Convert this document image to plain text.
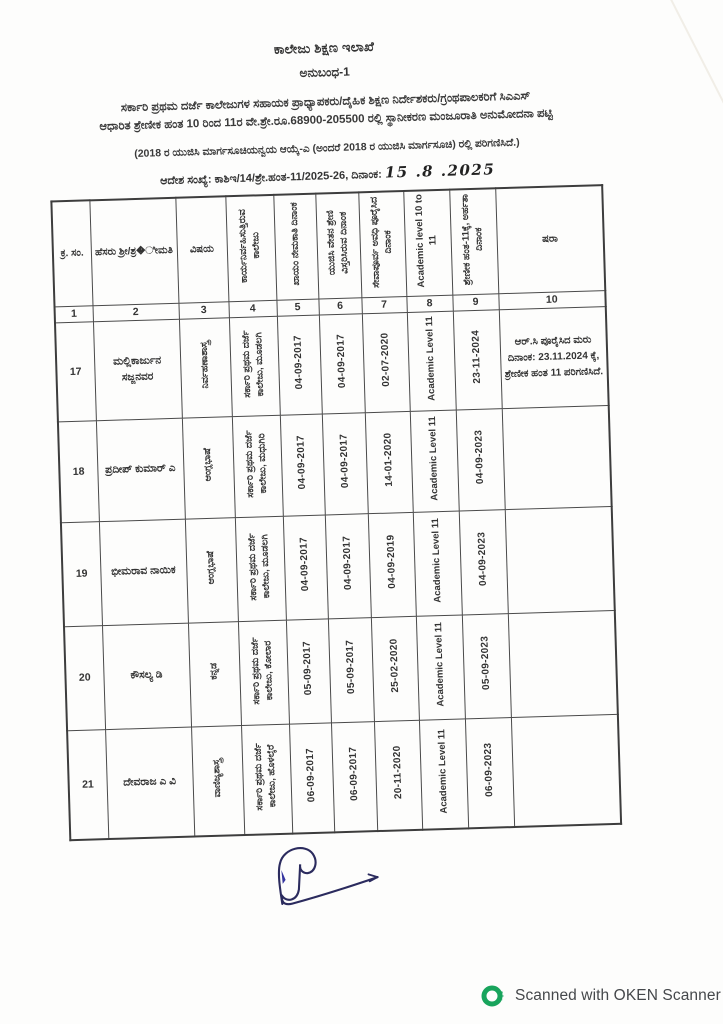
ಕಾಲೇಜು ಶಿಕ್ಷಣ ಇಲಾಖೆ
ಅನುಬಂಧ-1
ಸರ್ಕಾರಿ ಪ್ರಥಮ ದರ್ಜೆ ಕಾಲೇಜುಗಳ ಸಹಾಯಕ ಪ್ರಾಧ್ಯಾಪಕರು/ದೈಹಿಕ ಶಿಕ್ಷಣ ನಿರ್ದೇಶಕರು/ಗ್ರಂಥಪಾಲಕರಿಗೆ ಸಿಎಎಸ್
ಆಧಾರಿತ ಶ್ರೇಣೀಕ ಹಂತ 10 ರಿಂದ 11ರ ವೇ.ಶ್ರೇ.ರೂ.68900-205500 ರಲ್ಲಿ ಸ್ಥಾನೀಕರಣ ಮಂಜೂರಾತಿ ಅನುಮೋದನಾ ಪಟ್ಟಿ
(2018 ರ ಯುಜಿಸಿ ಮಾರ್ಗಸೂಚಿಯನ್ವಯ ಆಯ್ಕೆ-ಎ (ಅಂದರೆ 2018 ರ ಯುಜಿಸಿ ಮಾರ್ಗಸೂಚಿ) ರಲ್ಲಿ ಪರಿಗಣಿಸಿದೆ.)
ಆದೇಶ ಸಂಖ್ಯೆ: ಕಾಶಿಇ/14/ಶ್ರೇ.ಹಂತ-11/2025-26, ದಿನಾಂಕ: 15 .8 .2025
ಕ್ರ. ಸಂ.	ಹೆಸರು ಶ್ರೀ/ಶ್ರ�ೀಮತಿ	ವಿಷಯ	ಕಾರ್ಯನಿರ್ವಹಿಸುತ್ತಿರುವ ಕಾಲೇಜು	ಖಾಯಂ ನೇಮಕಾತಿ ದಿನಾಂಕ	ಯುಜಿಸಿ ವೇತನ ಶ್ರೇಣಿ ವಿಸ್ತರಿಸಿರುವ ದಿನಾಂಕ	ಸೇವಾಪೂರ್ವ ಅವಧಿ ಪೂರೈಸಿದ ದಿನಾಂಕ	Academic level 10 to 11	ಶ್ರೇಣೀಕ ಹಂತ-11ಕ್ಕೆ, ಅರ್ಹತಾ ದಿನಾಂಕ	ಷರಾ
1	2	3	4	5	6	7	8	9	10
17	ಮಲ್ಲಿಕಾರ್ಜುನ ಸಜ್ಜನವರ	ನಿರ್ವಹಣಾಶಾಸ್ತ್ರ	ಸರ್ಕಾರಿ ಪ್ರಥಮ ದರ್ಜೆ ಕಾಲೇಜು, ಮೂಡಲಗಿ	04-09-2017	04-09-2017	02-07-2020	Academic Level 11	23-11-2024	ಆರ್.ಸಿ ಪೂರೈಸಿದ ಮರು ದಿನಾಂಕ: 23.11.2024 ಕ್ಕೆ, ಶ್ರೇಣೀಕ ಹಂತ 11 ಪರಿಗಣಿಸಿದೆ.
18	ಪ್ರದೀಪ್ ಕುಮಾರ್ ಎ	ಆಂಗ್ಲಭಾಷೆ	ಸರ್ಕಾರಿ ಪ್ರಥಮ ದರ್ಜೆ ಕಾಲೇಜು, ಮಧುಗಿರಿ	04-09-2017	04-09-2017	14-01-2020	Academic Level 11	04-09-2023	
19	ಭೀಮರಾವ ನಾಯಿಕ	ಆಂಗ್ಲಭಾಷೆ	ಸರ್ಕಾರಿ ಪ್ರಥಮ ದರ್ಜೆ ಕಾಲೇಜು, ಮೂಡಲಗಿ	04-09-2017	04-09-2017	04-09-2019	Academic Level 11	04-09-2023	
20	ಕೌಸಲ್ಯ ಡಿ	ಕನ್ನಡ	ಸರ್ಕಾರಿ ಪ್ರಥಮ ದರ್ಜೆ ಕಾಲೇಜು, ಕೋಲಾರ	05-09-2017	05-09-2017	25-02-2020	Academic Level 11	05-09-2023	
21	ದೇವರಾಜ ಎ ವಿ	ವಾಣಿಜ್ಯಶಾಸ್ತ್ರ	ಸರ್ಕಾರಿ ಪ್ರಥಮ ದರ್ಜೆ ಕಾಲೇಜು, ಹೊಳಲ್ಕೆರೆ	06-09-2017	06-09-2017	20-11-2020	Academic Level 11	06-09-2023	
Scanned with OKEN Scanner
